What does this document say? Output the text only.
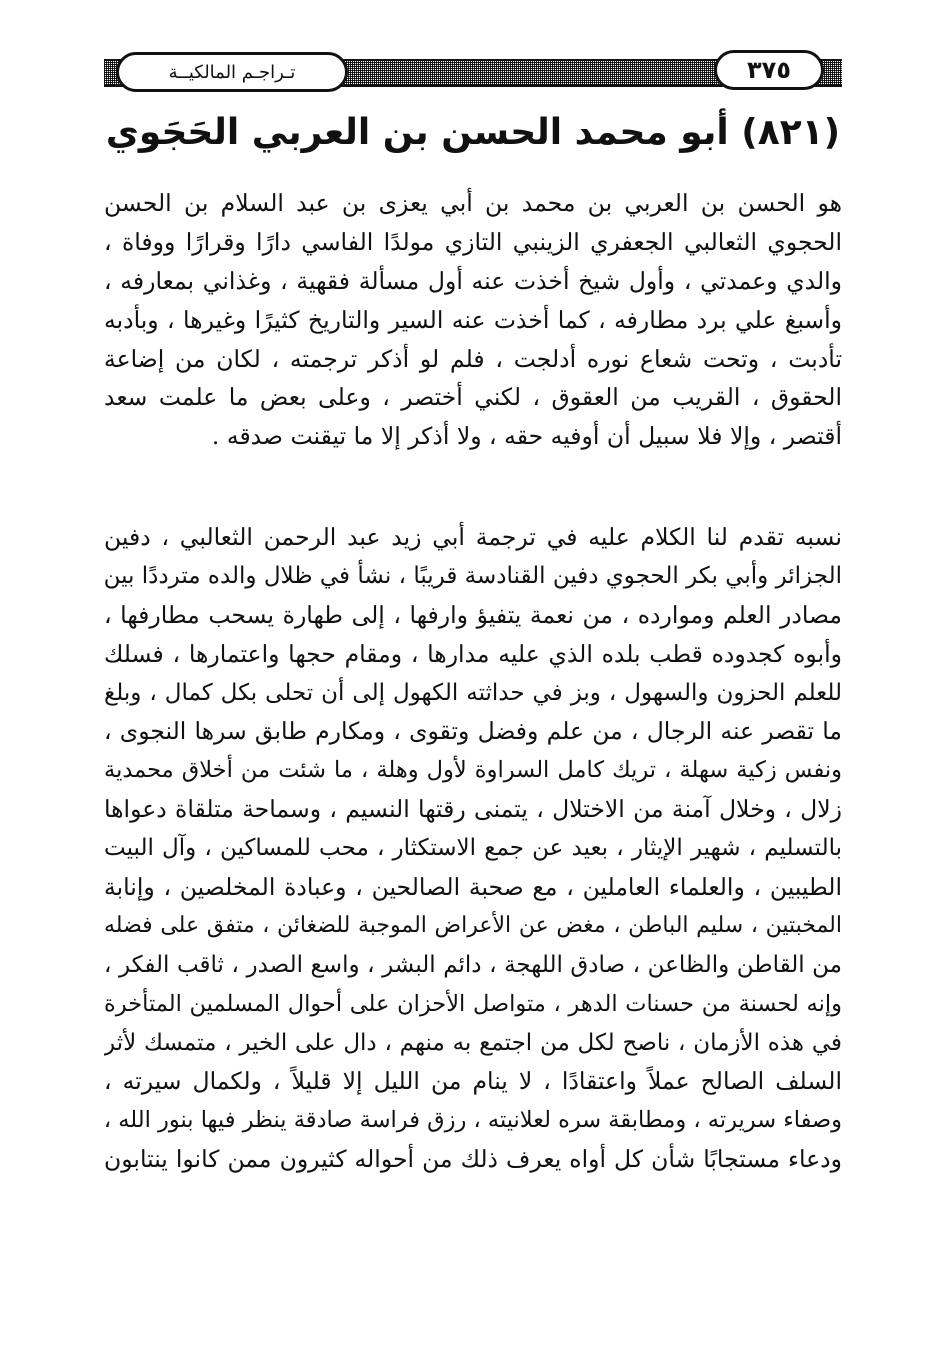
٣٧٥
تـراجـم المالكيــة
(٨٢١) أبو محمد الحسن بن العربي الحَجَوي
هو الحسن بن العربي بن محمد بن أبي يعزى بن عبد السلام بن الحسن
الحجوي الثعالبي الجعفري الزينبي التازي مولدًا الفاسي دارًا وقرارًا ووفاة ،
والدي وعمدتي ، وأول شيخ أخذت عنه أول مسألة فقهية ، وغذاني بمعارفه ،
وأسبغ علي برد مطارفه ، كما أخذت عنه السير والتاريخ كثيرًا وغيرها ، وبأدبه
تأدبت ، وتحت شعاع نوره أدلجت ، فلم لو أذكر ترجمته ، لكان من إضاعة
الحقوق ، القريب من العقوق ، لكني أختصر ، وعلى بعض ما علمت سعد
أقتصر ، وإلا فلا سبيل أن أوفيه حقه ، ولا أذكر إلا ما تيقنت صدقه .
نسبه تقدم لنا الكلام عليه في ترجمة أبي زيد عبد الرحمن الثعالبي ، دفين
الجزائر وأبي بكر الحجوي دفين القنادسة قريبًا ، نشأ في ظلال والده مترددًا بين
مصادر العلم وموارده ، من نعمة يتفيؤ وارفها ، إلى طهارة يسحب مطارفها ،
وأبوه كجدوده قطب بلده الذي عليه مدارها ، ومقام حجها واعتمارها ، فسلك
للعلم الحزون والسهول ، وبز في حداثته الكهول إلى أن تحلى بكل كمال ، وبلغ
ما تقصر عنه الرجال ، من علم وفضل وتقوى ، ومكارم طابق سرها النجوى ،
ونفس زكية سهلة ، تريك كامل السراوة لأول وهلة ، ما شئت من أخلاق محمدية
زلال ، وخلال آمنة من الاختلال ، يتمنى رقتها النسيم ، وسماحة متلقاة دعواها
بالتسليم ، شهير الإيثار ، بعيد عن جمع الاستكثار ، محب للمساكين ، وآل البيت
الطيبين ، والعلماء العاملين ، مع صحبة الصالحين ، وعبادة المخلصين ، وإنابة
المخبتين ، سليم الباطن ، مغض عن الأعراض الموجبة للضغائن ، متفق على فضله
من القاطن والظاعن ، صادق اللهجة ، دائم البشر ، واسع الصدر ، ثاقب الفكر ،
وإنه لحسنة من حسنات الدهر ، متواصل الأحزان على أحوال المسلمين المتأخرة
في هذه الأزمان ، ناصح لكل من اجتمع به منهم ، دال على الخير ، متمسك لأثر
السلف الصالح عملاً واعتقادًا ، لا ينام من الليل إلا قليلاً ، ولكمال سيرته ،
وصفاء سريرته ، ومطابقة سره لعلانيته ، رزق فراسة صادقة ينظر فيها بنور الله ،
ودعاء مستجابًا شأن كل أواه يعرف ذلك من أحواله كثيرون ممن كانوا ينتابون
